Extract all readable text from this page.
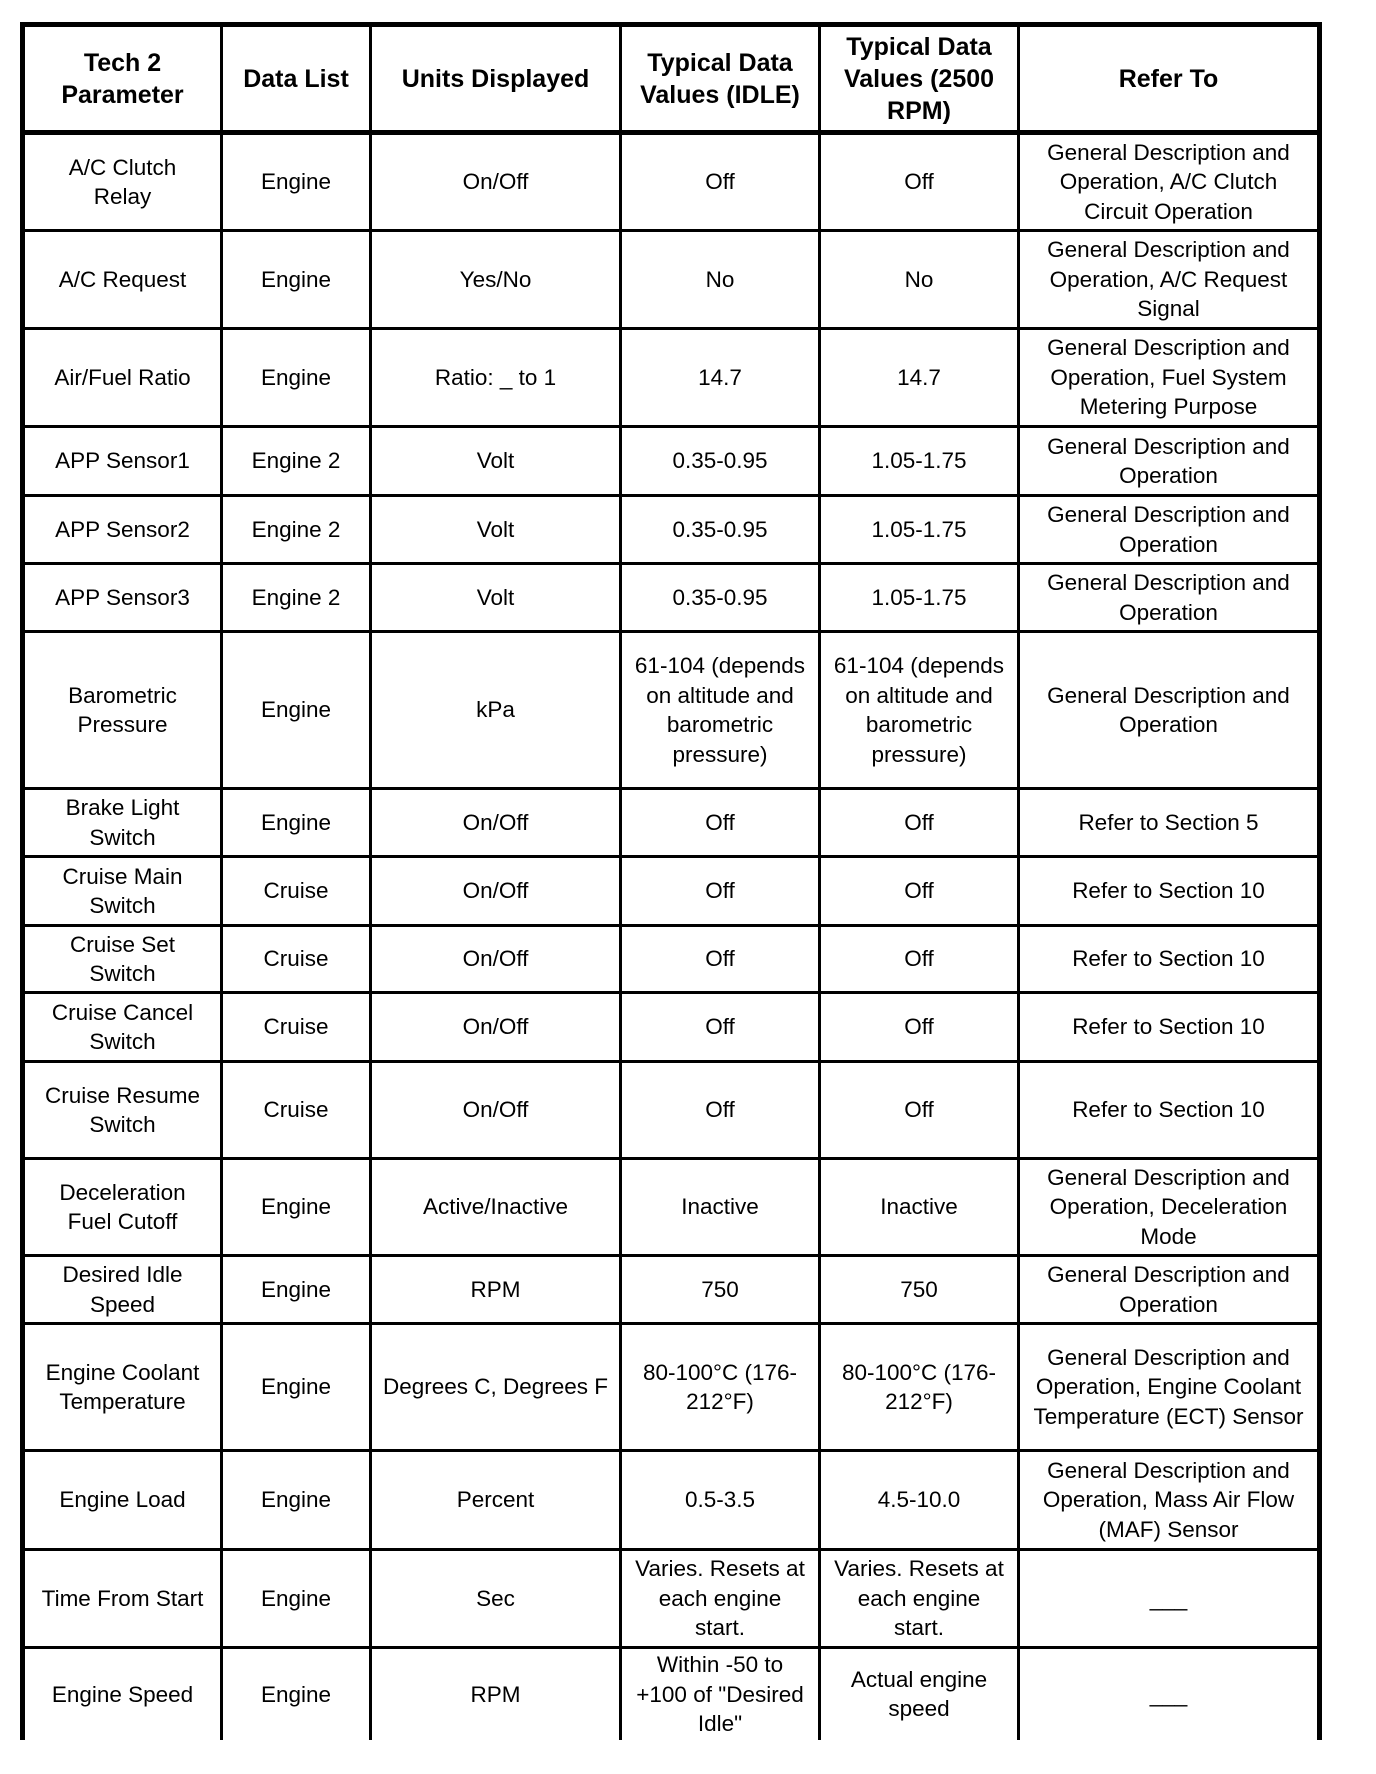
Tech 2 Parameter	Data List	Units Displayed	Typical Data Values (IDLE)	Typical Data Values (2500 RPM)	Refer To
A/C Clutch Relay	Engine	On/Off	Off	Off	General Description and Operation, A/C Clutch Circuit Operation
A/C Request	Engine	Yes/No	No	No	General Description and Operation, A/C Request Signal
Air/Fuel Ratio	Engine	Ratio: _ to 1	14.7	14.7	General Description and Operation, Fuel System Metering Purpose
APP Sensor1	Engine 2	Volt	0.35-0.95	1.05-1.75	General Description and Operation
APP Sensor2	Engine 2	Volt	0.35-0.95	1.05-1.75	General Description and Operation
APP Sensor3	Engine 2	Volt	0.35-0.95	1.05-1.75	General Description and Operation
Barometric Pressure	Engine	kPa	61-104 (depends on altitude and barometric pressure)	61-104 (depends on altitude and barometric pressure)	General Description and Operation
Brake Light Switch	Engine	On/Off	Off	Off	Refer to Section 5
Cruise Main Switch	Cruise	On/Off	Off	Off	Refer to Section 10
Cruise Set Switch	Cruise	On/Off	Off	Off	Refer to Section 10
Cruise Cancel Switch	Cruise	On/Off	Off	Off	Refer to Section 10
Cruise Resume Switch	Cruise	On/Off	Off	Off	Refer to Section 10
Deceleration Fuel Cutoff	Engine	Active/Inactive	Inactive	Inactive	General Description and Operation, Deceleration Mode
Desired Idle Speed	Engine	RPM	750	750	General Description and Operation
Engine Coolant Temperature	Engine	Degrees C, Degrees F	80-100°C (176-212°F)	80-100°C (176-212°F)	General Description and Operation, Engine Coolant Temperature (ECT) Sensor
Engine Load	Engine	Percent	0.5-3.5	4.5-10.0	General Description and Operation, Mass Air Flow (MAF) Sensor
Time From Start	Engine	Sec	Varies. Resets at each engine start.	Varies. Resets at each engine start.	___
Engine Speed	Engine	RPM	Within -50 to +100 of "Desired Idle"	Actual engine speed	___
